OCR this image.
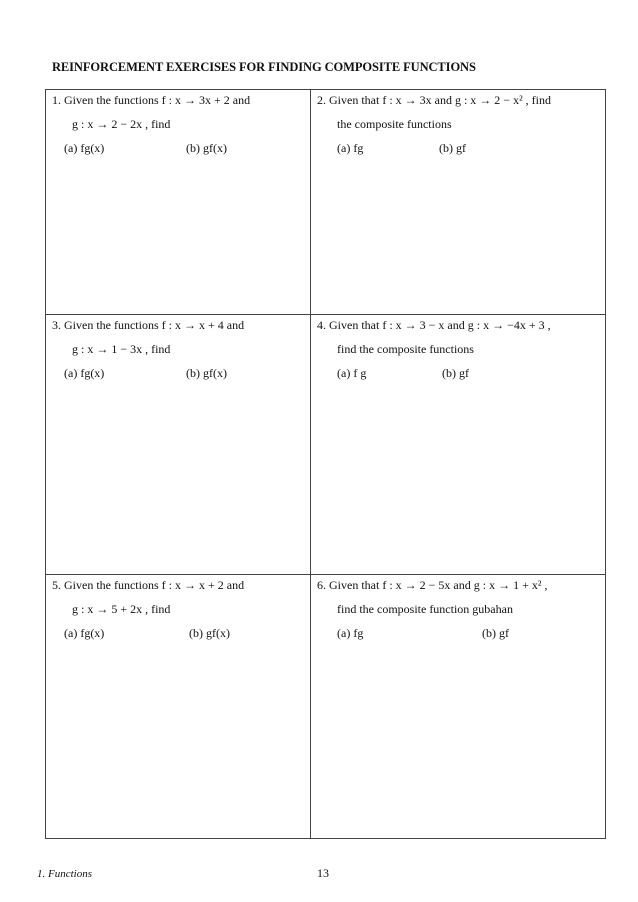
REINFORCEMENT EXERCISES FOR FINDING COMPOSITE FUNCTIONS
1. Given the functions f : x → 3x + 2 and
g : x → 2 − 2x , find
(a) fg(x)	(b) gf(x)
2. Given that f : x → 3x and g : x → 2 − x² , find
the composite functions
(a) fg	(b) gf
3. Given the functions f : x → x + 4 and
g : x → 1 − 3x , find
(a) fg(x)	(b) gf(x)
4. Given that f : x → 3 − x and g : x → −4x + 3 ,
find the composite functions
(a) f g	(b) gf
5. Given the functions f : x → x + 2 and
g : x → 5 + 2x , find
(a) fg(x)	(b) gf(x)
6. Given that f : x → 2 − 5x and g : x → 1 + x² ,
find the composite function gubahan
(a) fg	(b) gf
1. Functions	13
